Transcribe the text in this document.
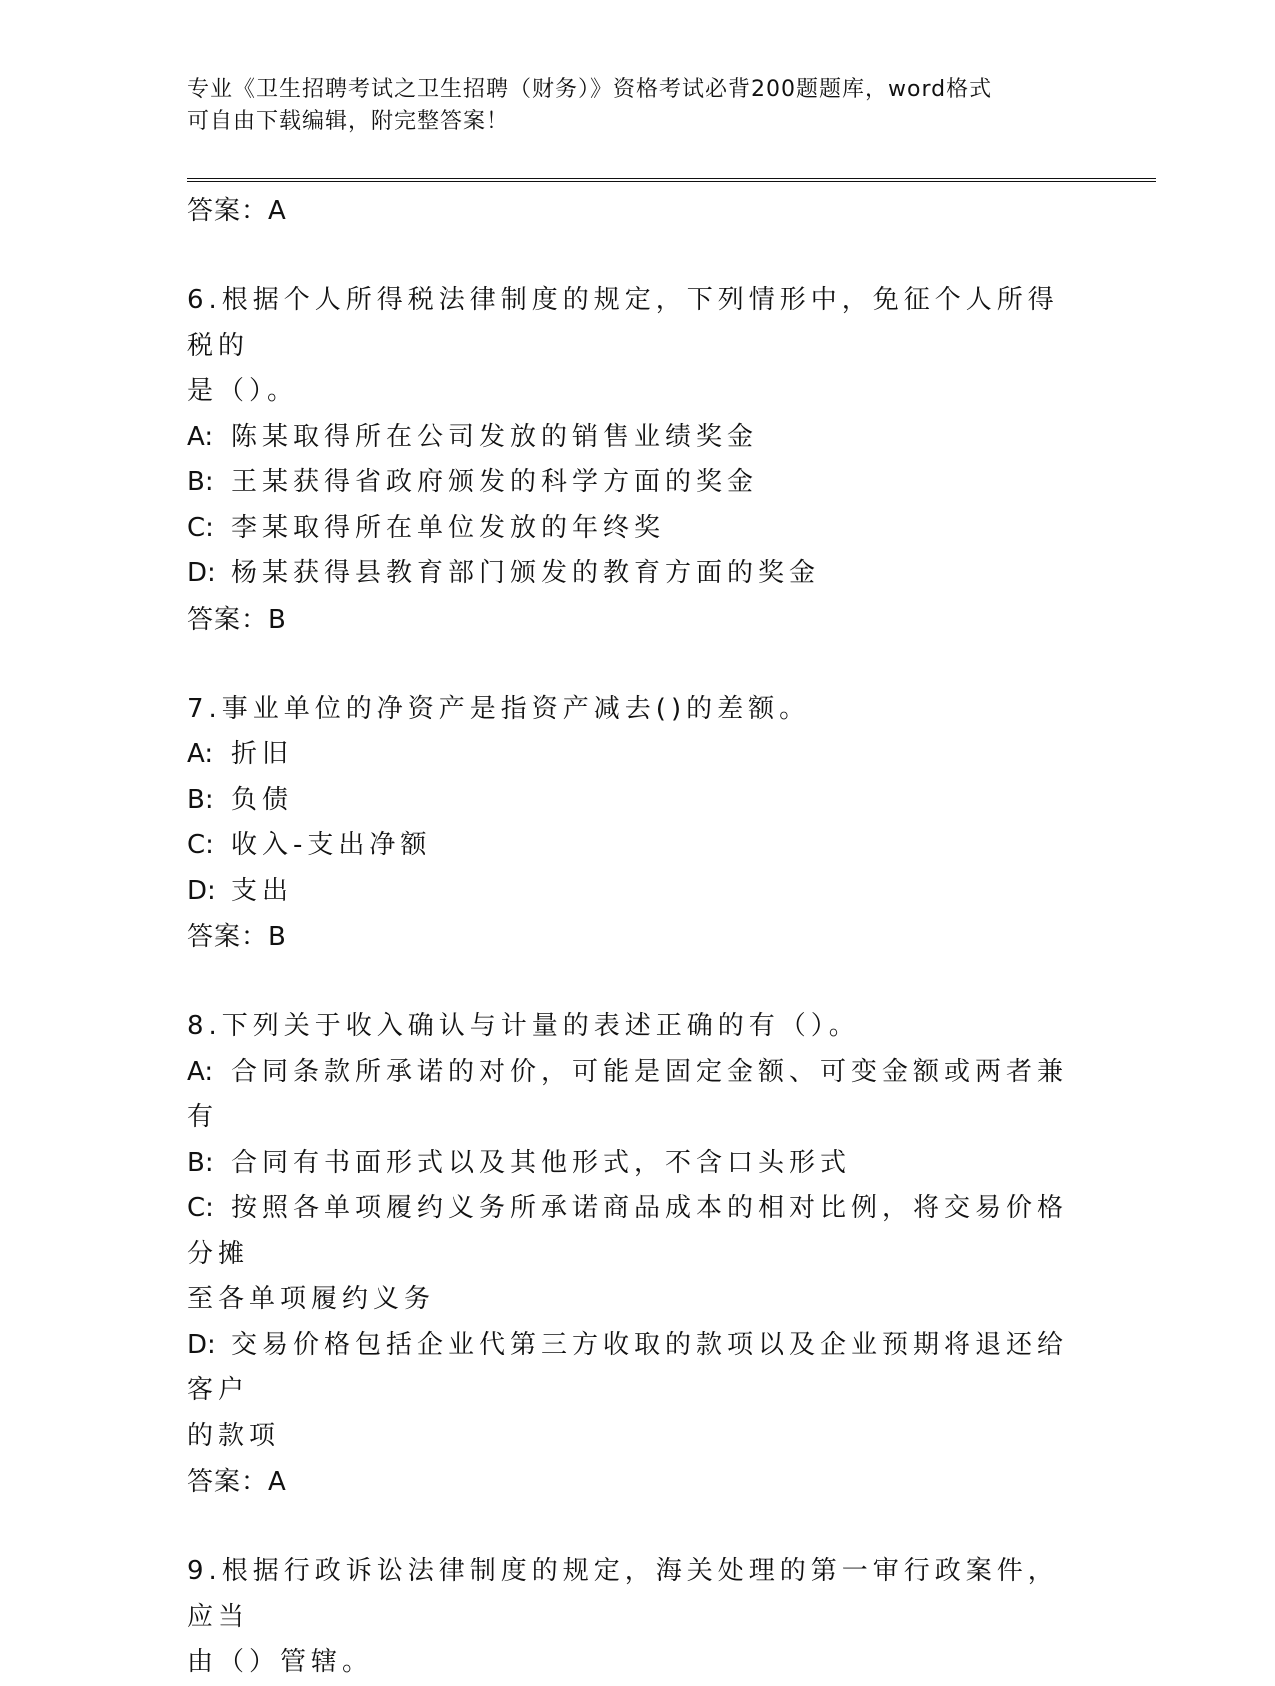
专业《卫生招聘考试之卫生招聘（财务）》资格考试必背200题题库，word格式
可自由下载编辑，附完整答案！
答案：A
6.根据个人所得税法律制度的规定，下列情形中，免征个人所得税的
是（）。
A: 陈某取得所在公司发放的销售业绩奖金
B: 王某获得省政府颁发的科学方面的奖金
C: 李某取得所在单位发放的年终奖
D: 杨某获得县教育部门颁发的教育方面的奖金
答案：B
7.事业单位的净资产是指资产减去()的差额。
A: 折旧
B: 负债
C: 收入-支出净额
D: 支出
答案：B
8.下列关于收入确认与计量的表述正确的有（）。
A: 合同条款所承诺的对价，可能是固定金额、可变金额或两者兼有
B: 合同有书面形式以及其他形式，不含口头形式
C: 按照各单项履约义务所承诺商品成本的相对比例，将交易价格分摊
至各单项履约义务
D: 交易价格包括企业代第三方收取的款项以及企业预期将退还给客户
的款项
答案：A
9.根据行政诉讼法律制度的规定，海关处理的第一审行政案件，应当
由（）管辖。
